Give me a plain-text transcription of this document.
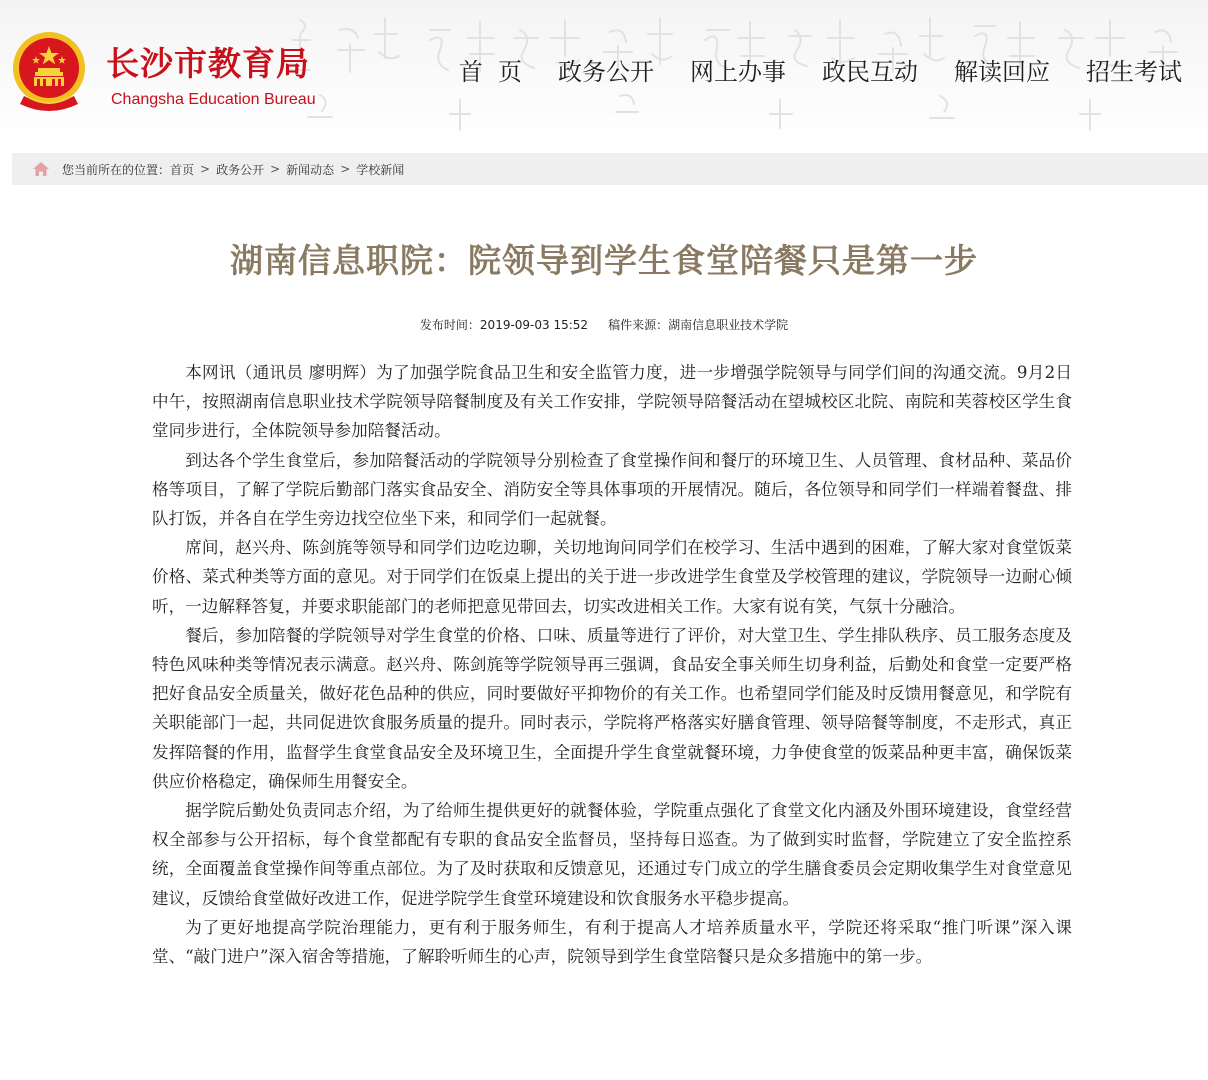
长沙市教育局
Changsha Education Bureau
首  页 政务公开 网上办事 政民互动 解读回应 招生考试
您当前所在的位置： 首页 > 政务公开 > 新闻动态 > 学校新闻
湖南信息职院：院领导到学生食堂陪餐只是第一步
发布时间：2019-09-03 15:52 稿件来源：湖南信息职业技术学院

本网讯（通讯员 廖明辉）为了加强学院食品卫生和安全监管力度，进一步增强学院领导与同学们间的沟通交流。9月2日中午，按照湖南信息职业技术学院领导陪餐制度及有关工作安排，学院领导陪餐活动在望城校区北院、南院和芙蓉校区学生食堂同步进行，全体院领导参加陪餐活动。

到达各个学生食堂后，参加陪餐活动的学院领导分别检查了食堂操作间和餐厅的环境卫生、人员管理、食材品种、菜品价格等项目，了解了学院后勤部门落实食品安全、消防安全等具体事项的开展情况。随后，各位领导和同学们一样端着餐盘、排队打饭，并各自在学生旁边找空位坐下来，和同学们一起就餐。

席间，赵兴舟、陈剑旄等领导和同学们边吃边聊，关切地询问同学们在校学习、生活中遇到的困难，了解大家对食堂饭菜价格、菜式种类等方面的意见。对于同学们在饭桌上提出的关于进一步改进学生食堂及学校管理的建议，学院领导一边耐心倾听，一边解释答复，并要求职能部门的老师把意见带回去，切实改进相关工作。大家有说有笑，气氛十分融洽。

餐后，参加陪餐的学院领导对学生食堂的价格、口味、质量等进行了评价，对大堂卫生、学生排队秩序、员工服务态度及特色风味种类等情况表示满意。赵兴舟、陈剑旄等学院领导再三强调，食品安全事关师生切身利益，后勤处和食堂一定要严格把好食品安全质量关，做好花色品种的供应，同时要做好平抑物价的有关工作。也希望同学们能及时反馈用餐意见，和学院有关职能部门一起，共同促进饮食服务质量的提升。同时表示，学院将严格落实好膳食管理、领导陪餐等制度，不走形式，真正发挥陪餐的作用，监督学生食堂食品安全及环境卫生，全面提升学生食堂就餐环境，力争使食堂的饭菜品种更丰富，确保饭菜供应价格稳定，确保师生用餐安全。

据学院后勤处负责同志介绍，为了给师生提供更好的就餐体验，学院重点强化了食堂文化内涵及外围环境建设，食堂经营权全部参与公开招标，每个食堂都配有专职的食品安全监督员，坚持每日巡查。为了做到实时监督，学院建立了安全监控系统，全面覆盖食堂操作间等重点部位。为了及时获取和反馈意见，还通过专门成立的学生膳食委员会定期收集学生对食堂意见建议，反馈给食堂做好改进工作，促进学院学生食堂环境建设和饮食服务水平稳步提高。

为了更好地提高学院治理能力，更有利于服务师生，有利于提高人才培养质量水平，学院还将采取“推门听课”深入课堂、“敲门进户”深入宿舍等措施，了解聆听师生的心声，院领导到学生食堂陪餐只是众多措施中的第一步。
